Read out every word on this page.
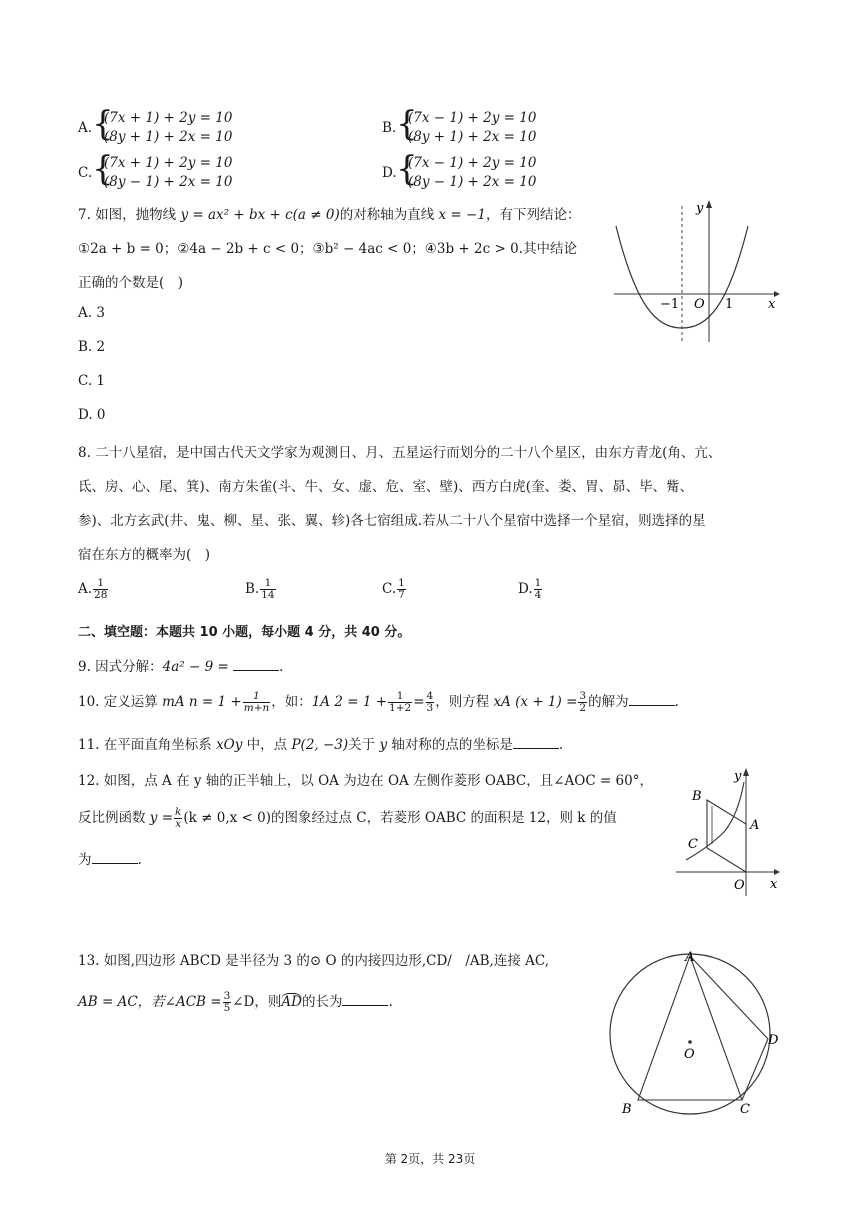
A. {
(7x + 1) + 2y = 10
(8y + 1) + 2x = 10
B. {
(7x − 1) + 2y = 10
(8y + 1) + 2x = 10
C. {
(7x + 1) + 2y = 10
(8y − 1) + 2x = 10
D. {
(7x − 1) + 2y = 10
(8y − 1) + 2x = 10
7. 如图，抛物线 y = ax² + bx + c(a ≠ 0)的对称轴为直线 x = −1，有下列结论：
①2a + b = 0；②4a − 2b + c < 0；③b² − 4ac < 0；④3b + 2c > 0.其中结论
正确的个数是(　)
A. 3
B. 2
C. 1
D. 0
y
x
O
−1	1
8. 二十八星宿，是中国古代天文学家为观测日、月、五星运行而划分的二十八个星区，由东方青龙(角、亢、
氐、房、心、尾、箕)、南方朱雀(斗、牛、女、虚、危、室、壁)、西方白虎(奎、娄、胃、昴、毕、觜、
参)、北方玄武(井、鬼、柳、星、张、翼、轸)各七宿组成.若从二十八个星宿中选择一个星宿，则选择的星
宿在东方的概率为(　)
A. $\frac{1}{28}$	B. $\frac{1}{14}$	C. $\frac{1}{7}$	D. $\frac{1}{4}$
二、填空题：本题共 10 小题，每小题 4 分，共 40 分。
9. 因式分解：4a² − 9 =	.
10. 定义运算 mA $n = 1 + \frac{1}{m+n}$ ，如：1A $2 = 1 + \frac{1}{1+2} = \frac{4}{3}$ ，则方程 xA $(x + 1) = \frac{3}{2}$ 的解为	.
11. 在平面直角坐标系 xOy 中，点 P(2, −3)关于 y 轴对称的点的坐标是	.
12. 如图，点 A 在 y 轴的正半轴上，以 OA 为边在 OA 左侧作菱形 OABC，且∠AOC = 60°，
反比例函数 $y = \frac{k}{x} (k \ne 0,x < 0)$的图象经过点 C，若菱形 OABC 的面积是 12，则 k 的值
为	.
y
x
O
A
B
C
13. 如图,四边形 ABCD 是半径为 3 的⊙ O 的内接四边形,CD/　/AB,连接 AC,
AB = AC，若∠ACB = $\frac{3}{5}$ ∠D，则AD的长为	.
A
B	C
D
O
第 2页，共 23页
